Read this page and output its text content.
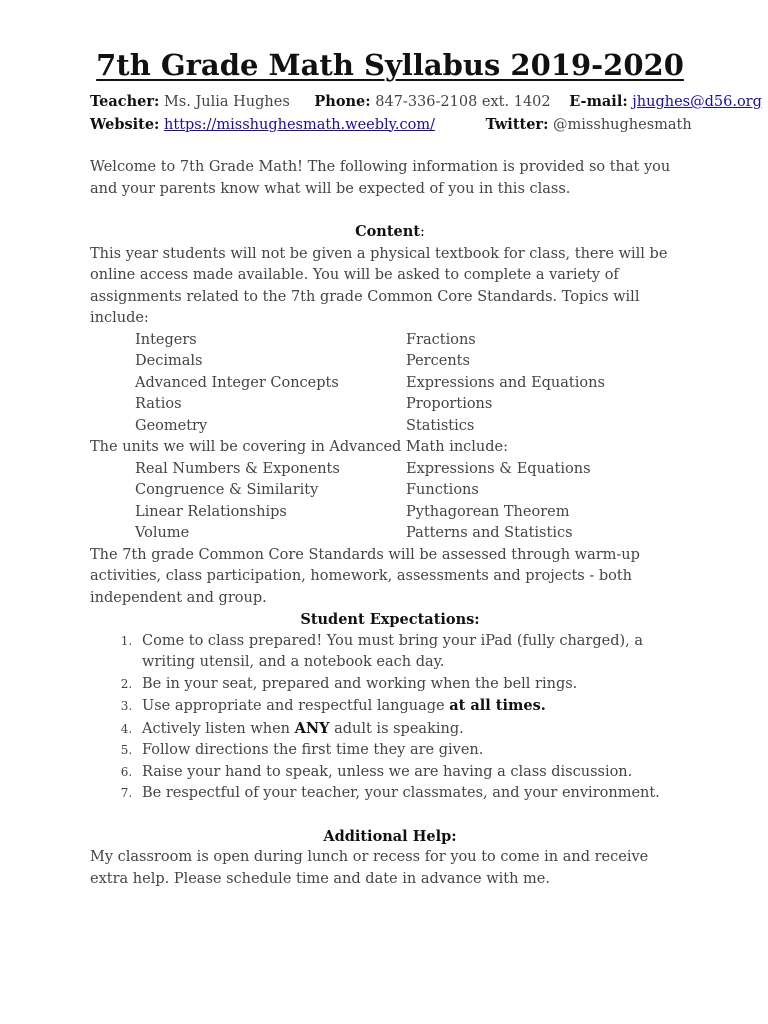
7th Grade Math Syllabus 2019-2020
Teacher: Ms. Julia Hughes Phone: 847-336-2108 ext. 1402 E-mail: jhughes@d56.org
Website: https://misshughesmath.weebly.com/	Twitter: @misshughesmath

Welcome to 7th Grade Math! The following information is provided so that you and your parents know what will be expected of you in this class.

Content:

This year students will not be given a physical textbook for class, there will be online access made available. You will be asked to complete a variety of assignments related to the 7th grade Common Core Standards. Topics will include:

Integers	Fractions
Decimals	Percents
Advanced Integer Concepts	Expressions and Equations
Ratios	Proportions
Geometry	Statistics

The units we will be covering in Advanced Math include:

Real Numbers & Exponents	Expressions & Equations
Congruence & Similarity	Functions
Linear Relationships	Pythagorean Theorem
Volume	Patterns and Statistics

The 7th grade Common Core Standards will be assessed through warm-up activities, class participation, homework, assessments and projects - both independent and group.

Student Expectations:

1. Come to class prepared! You must bring your iPad (fully charged), a writing utensil, and a notebook each day.
2. Be in your seat, prepared and working when the bell rings.
3. Use appropriate and respectful language at all times.
4. Actively listen when ANY adult is speaking.
5. Follow directions the first time they are given.
6. Raise your hand to speak, unless we are having a class discussion.
7. Be respectful of your teacher, your classmates, and your environment.

Additional Help:

My classroom is open during lunch or recess for you to come in and receive extra help. Please schedule time and date in advance with me.
